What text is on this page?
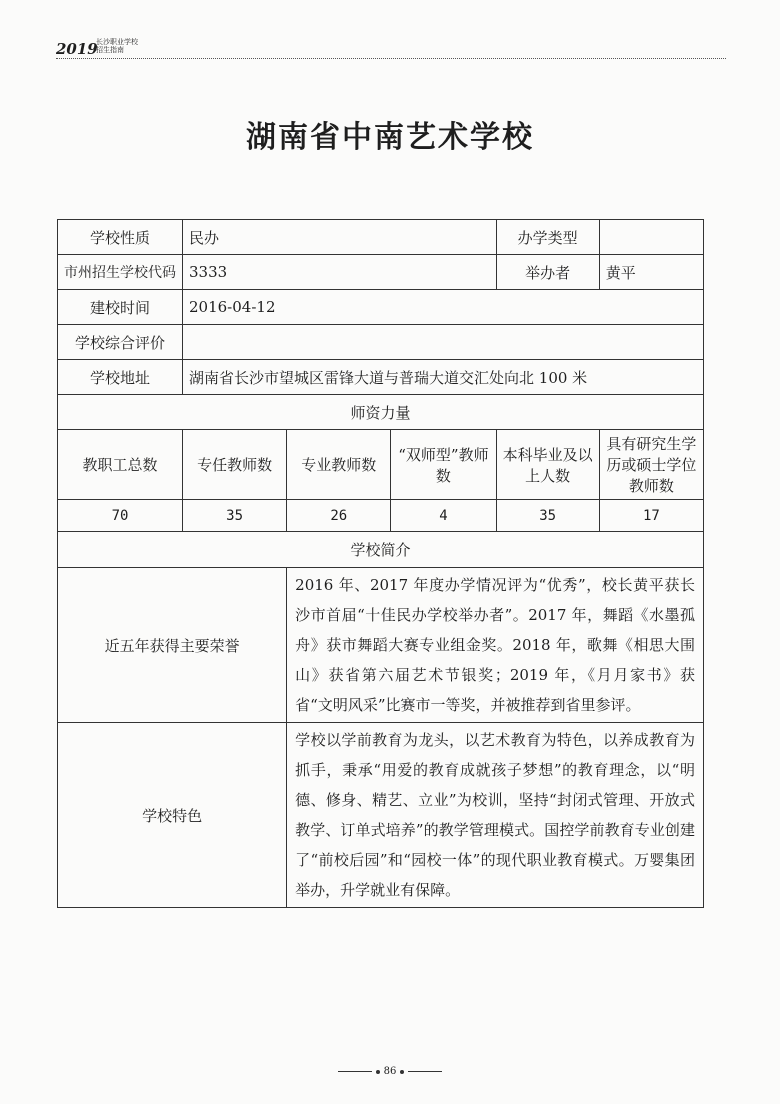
2019
长沙职业学校
招生指南
湖南省中南艺术学校
学校性质	民办			办学类型	
市州招生学校代码	3333			举办者	黄平
建校时间	2016-04-12				
学校综合评价					
学校地址	湖南省长沙市望城区雷锋大道与普瑞大道交汇处向北 100 米				
师资力量					
教职工总数	专任教师数	专业教师数	“双师型”教师数	本科毕业及以上人数	具有研究生学历或硕士学位教师数
70	35	26	4	35	17
学校简介					
近五年获得主要荣誉		2016 年、2017 年度办学情况评为“优秀”，校长黄平获长沙市首届“十佳民办学校举办者”。2017 年，舞蹈《水墨孤舟》获市舞蹈大赛专业组金奖。2018 年，歌舞《相思大围山》获省第六届艺术节银奖；2019 年，《月月家书》获省“文明风采”比赛市一等奖，并被推荐到省里参评。			
学校特色		学校以学前教育为龙头，以艺术教育为特色，以养成教育为抓手，秉承“用爱的教育成就孩子梦想”的教育理念，以“明德、修身、精艺、立业”为校训，坚持“封闭式管理、开放式教学、订单式培养”的教学管理模式。国控学前教育专业创建了“前校后园”和“园校一体”的现代职业教育模式。万婴集团举办，升学就业有保障。			
86
